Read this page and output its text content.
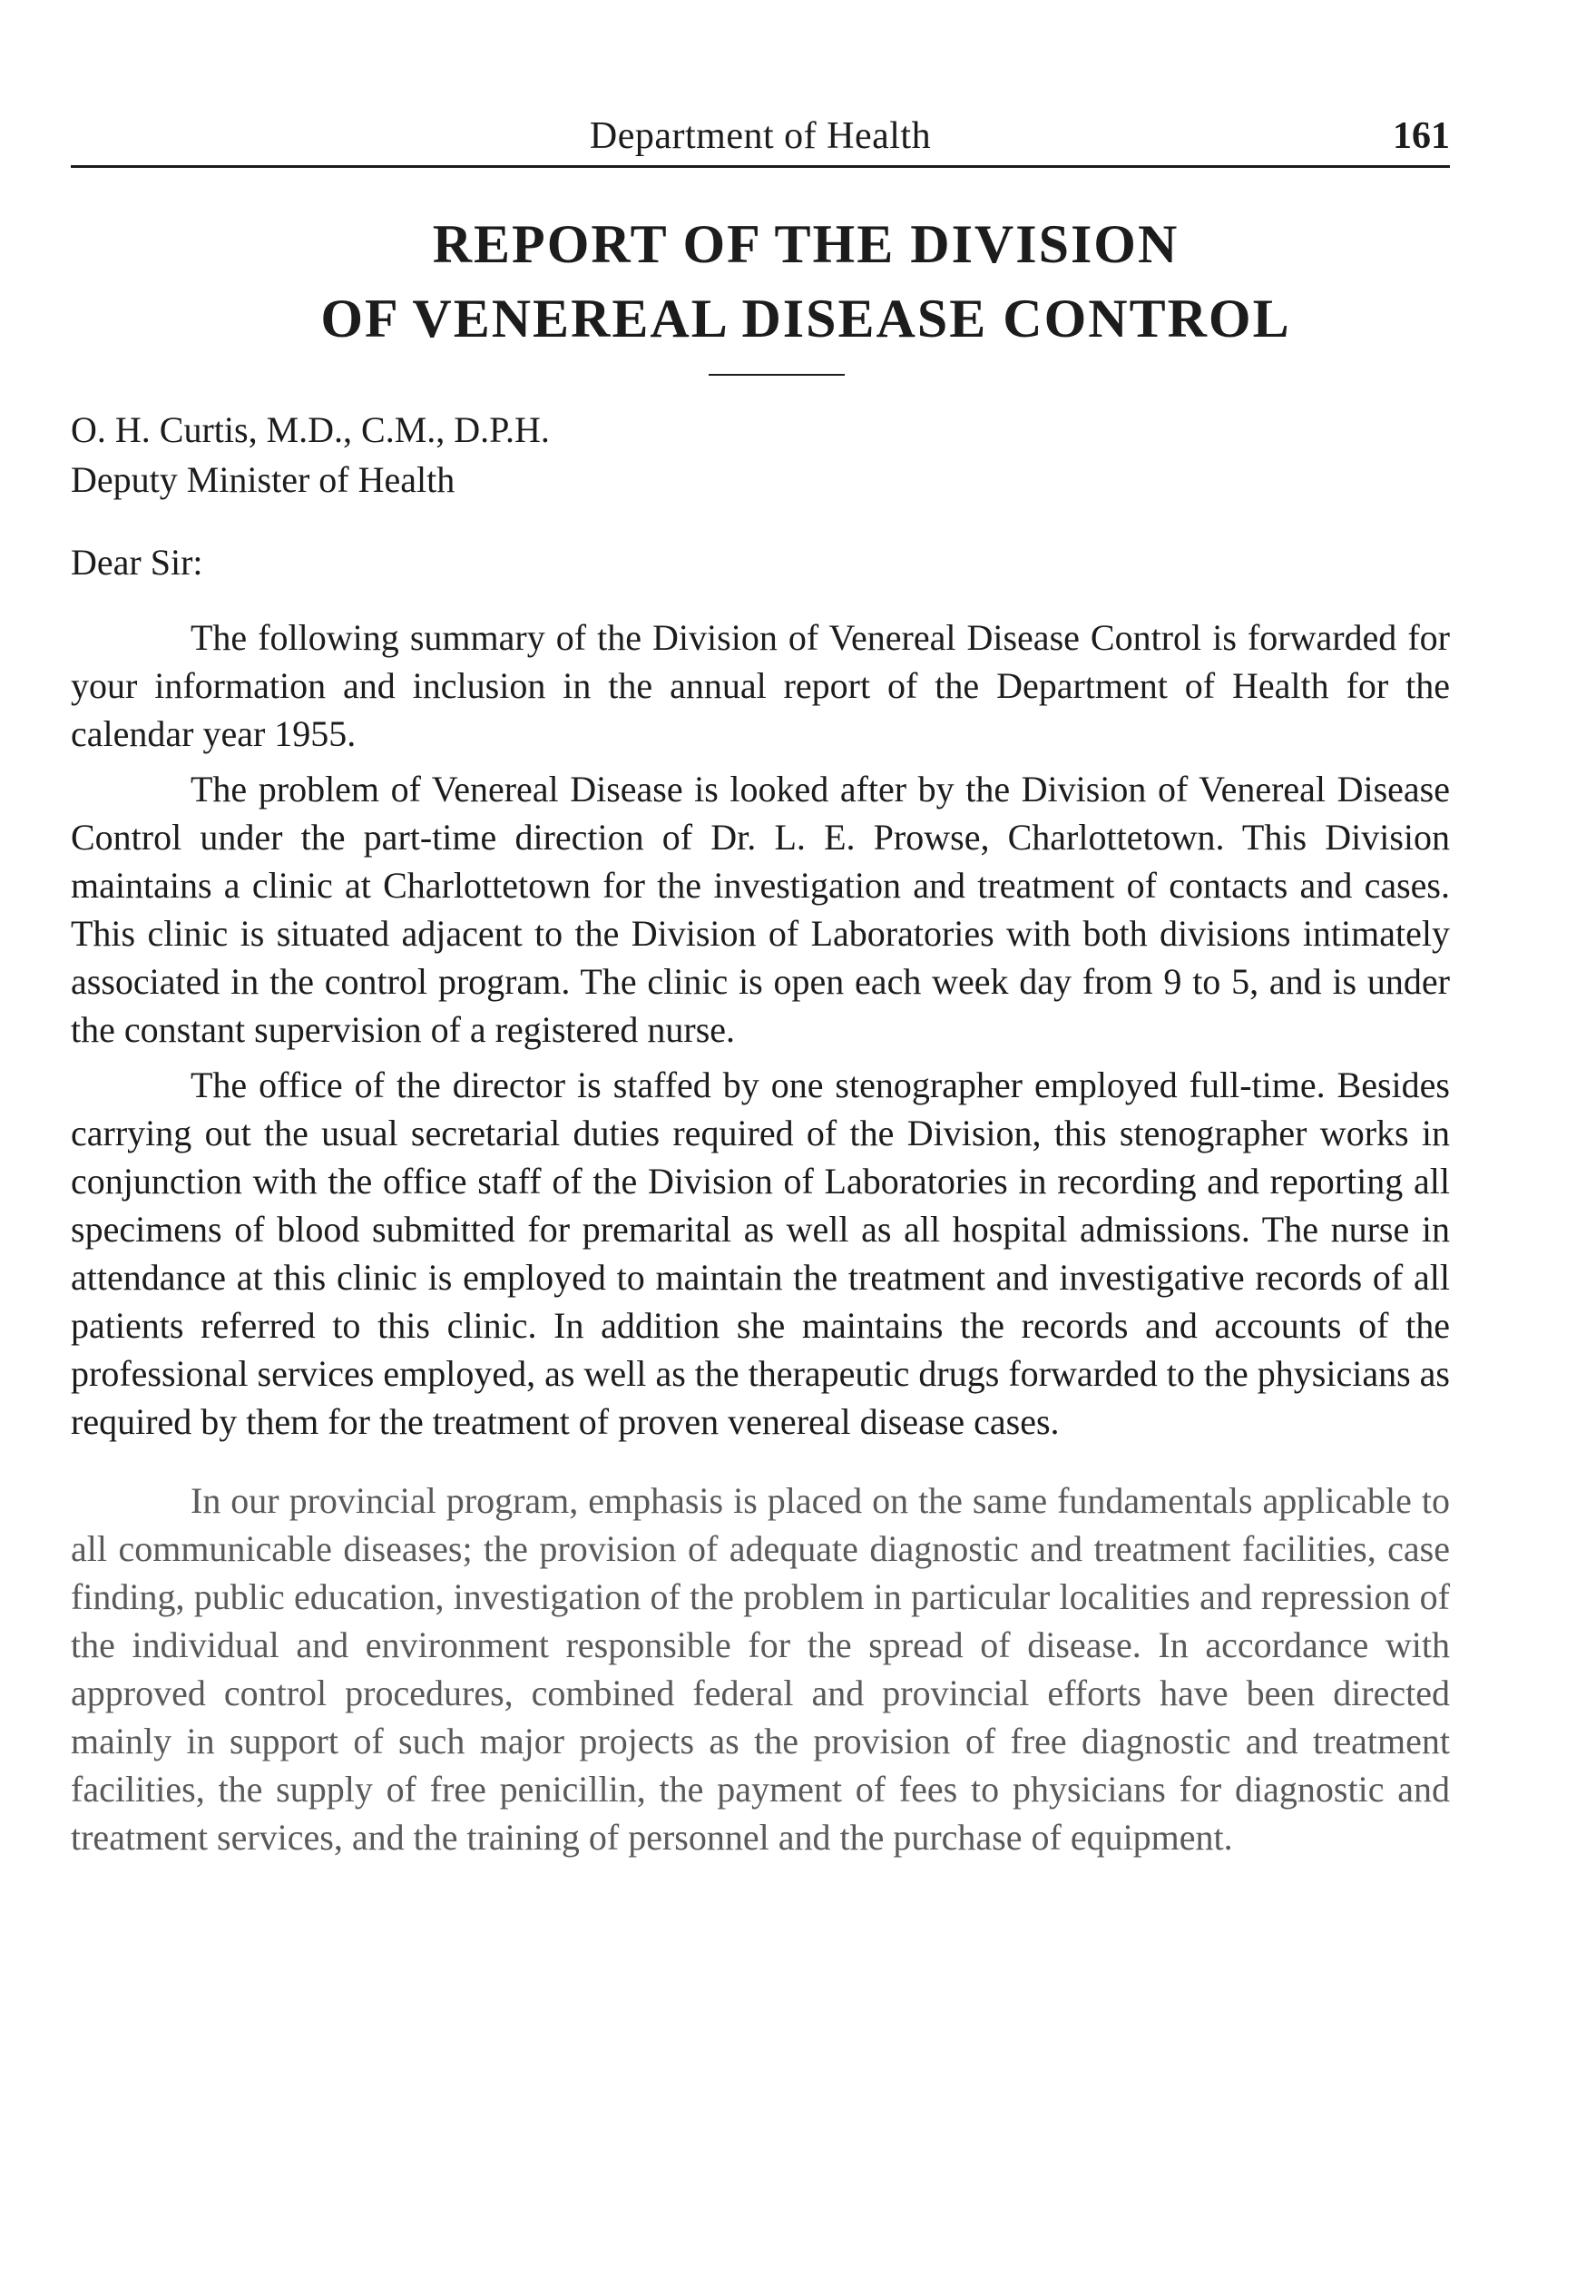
Department of Health	161
REPORT OF THE DIVISION
OF VENEREAL DISEASE CONTROL
O. H. Curtis, M.D., C.M., D.P.H.
Deputy Minister of Health
Dear Sir:

The following summary of the Division of Venereal Disease Control is forwarded for your information and inclusion in the annual report of the Department of Health for the calendar year 1955.

The problem of Venereal Disease is looked after by the Division of Venereal Disease Control under the part-time direction of Dr. L. E. Prowse, Charlottetown. This Division maintains a clinic at Charlottetown for the investigation and treatment of contacts and cases. This clinic is situated adjacent to the Division of Laboratories with both divisions intimately associated in the control program. The clinic is open each week day from 9 to 5, and is under the constant supervision of a registered nurse.

The office of the director is staffed by one stenographer employed full-time. Besides carrying out the usual secretarial duties required of the Division, this stenographer works in conjunction with the office staff of the Division of Laboratories in recording and reporting all specimens of blood submitted for premarital as well as all hospital admissions. The nurse in attendance at this clinic is employed to maintain the treatment and investigative records of all patients referred to this clinic. In addition she maintains the records and accounts of the professional services employed, as well as the therapeutic drugs forwarded to the physicians as required by them for the treatment of proven venereal disease cases.

In our provincial program, emphasis is placed on the same fundamentals applicable to all communicable diseases; the provision of adequate diagnostic and treatment facilities, case finding, public education, investigation of the problem in particular localities and repression of the individual and environment responsible for the spread of disease. In accordance with approved control procedures, combined federal and provincial efforts have been directed mainly in support of such major projects as the provision of free diagnostic and treatment facilities, the supply of free penicillin, the payment of fees to physicians for diagnostic and treatment services, and the training of personnel and the purchase of equipment.
